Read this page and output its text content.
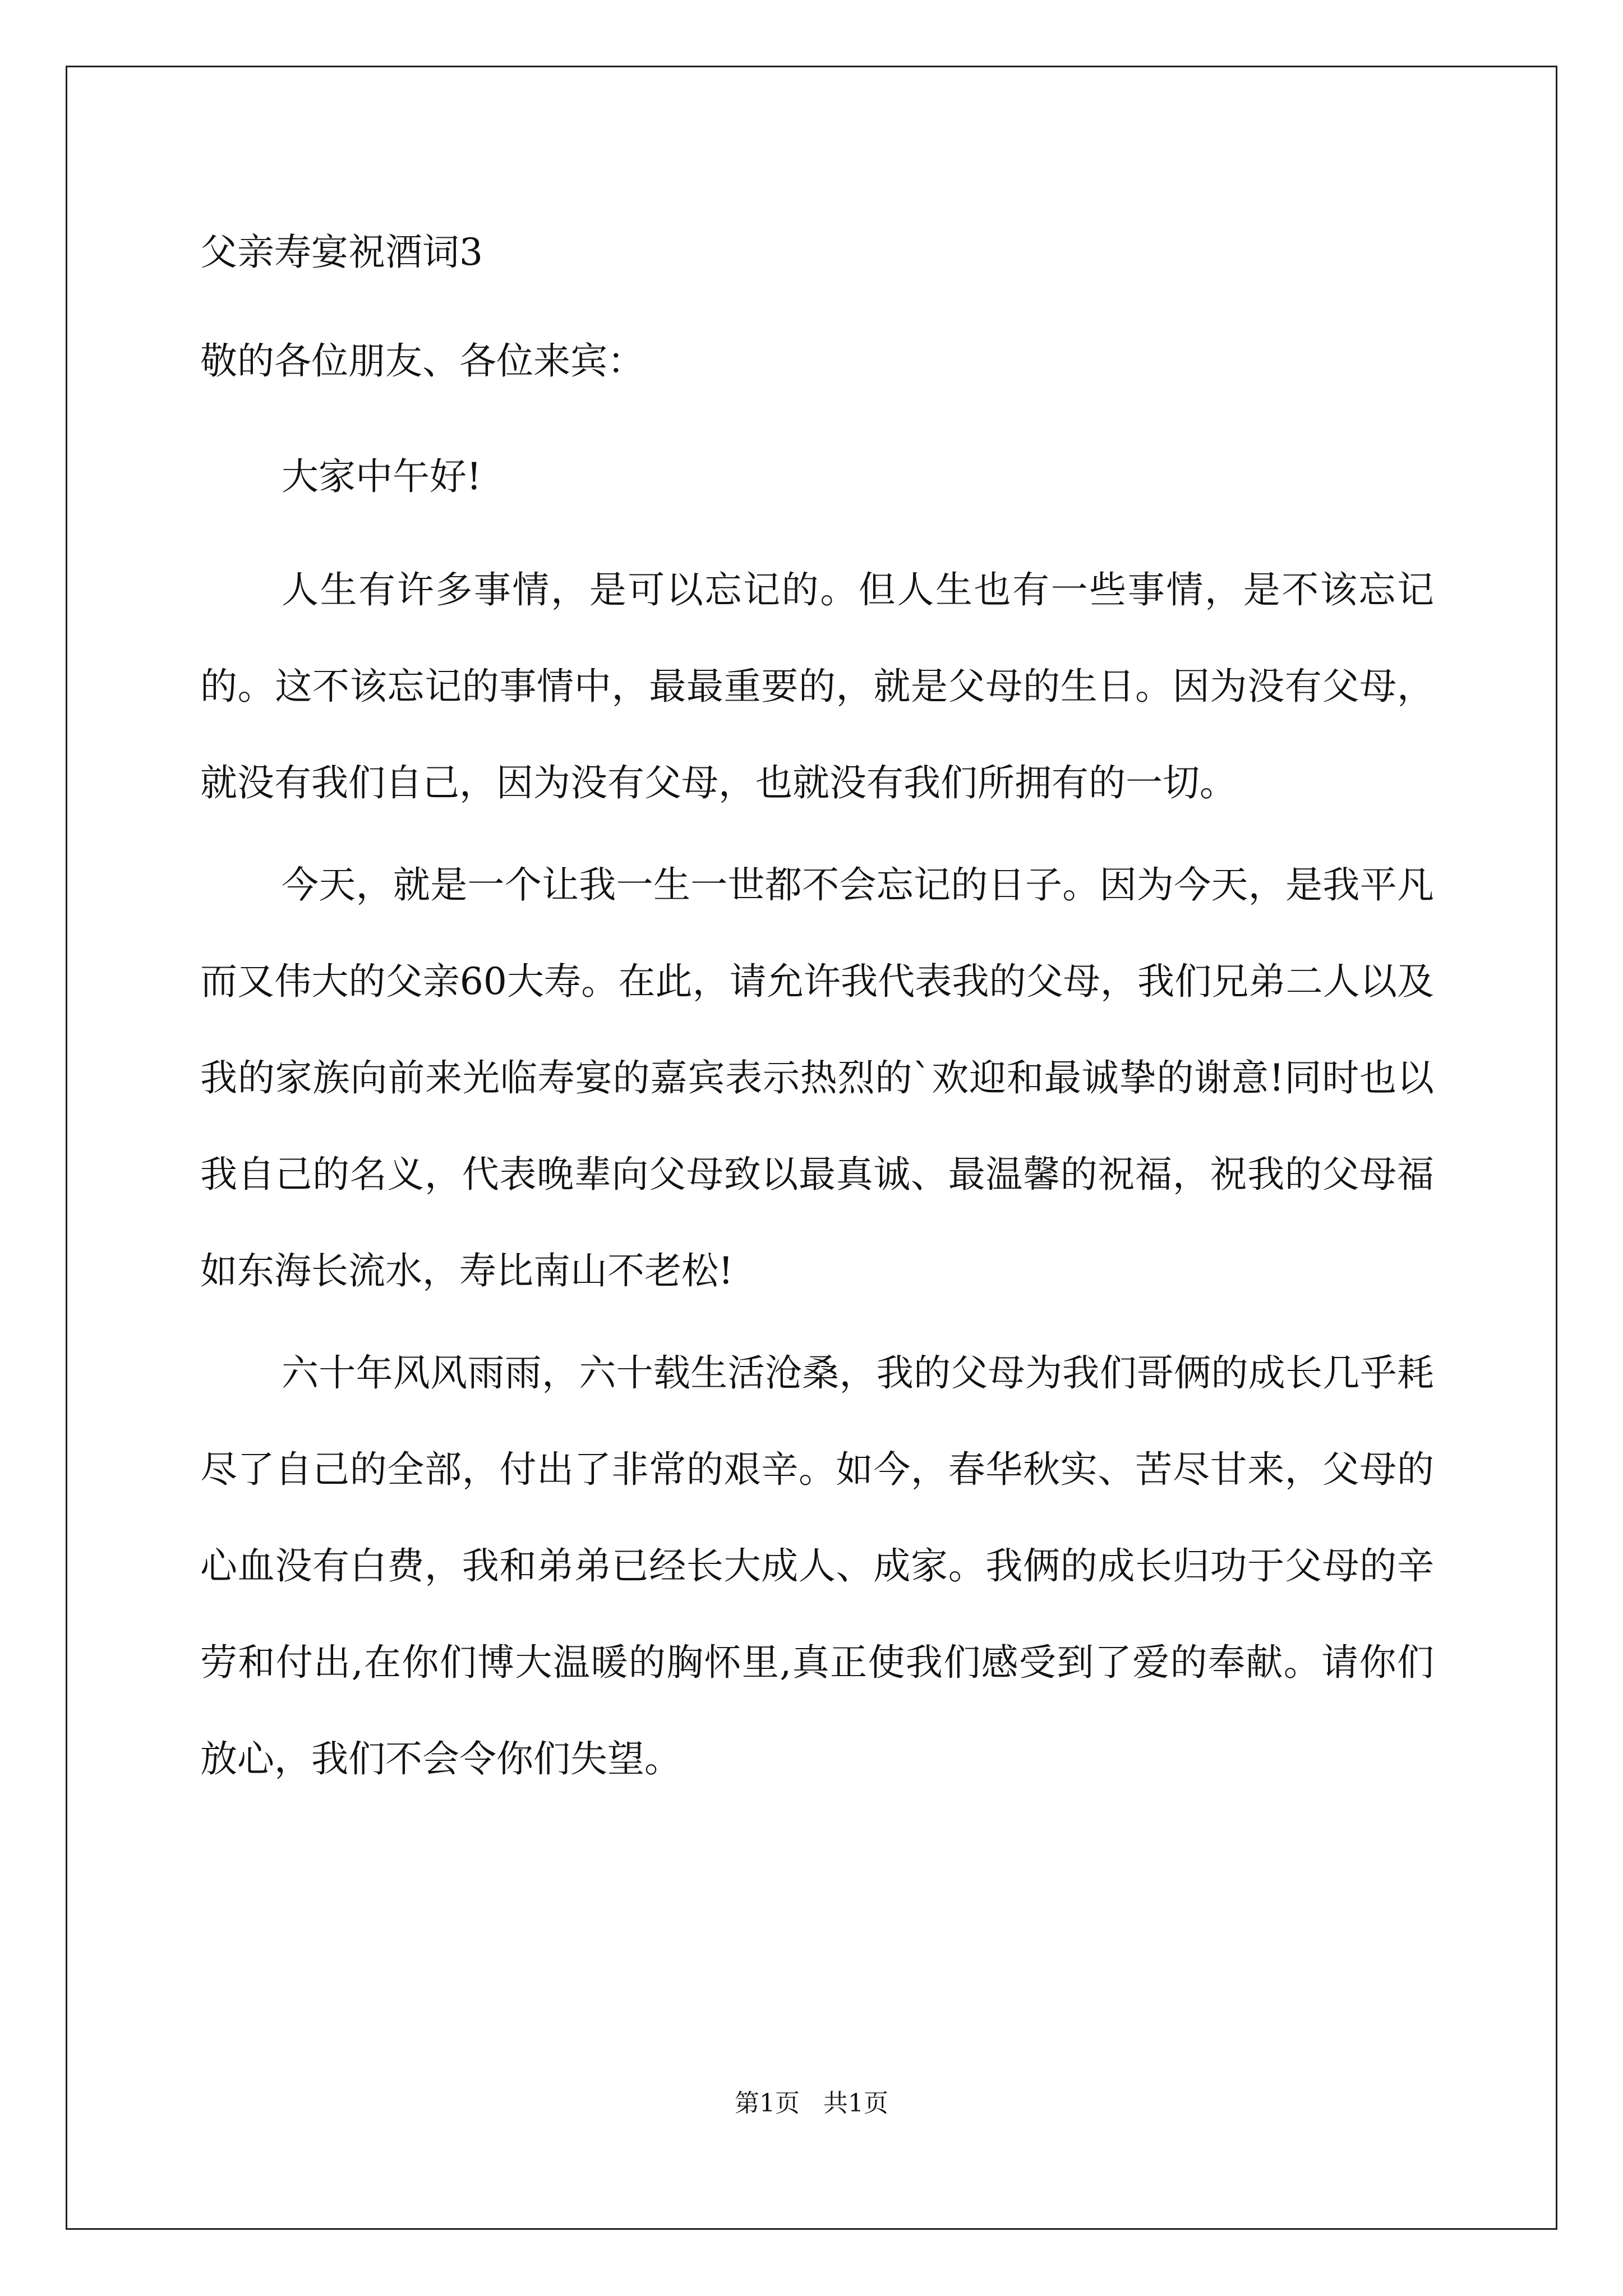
父亲寿宴祝酒词3
敬的各位朋友、各位来宾：

大家中午好!

人生有许多事情，是可以忘记的。但人生也有一些事情，是不该忘记的。这不该忘记的事情中，最最重要的，就是父母的生日。因为没有父母，就没有我们自己，因为没有父母，也就没有我们所拥有的一切。

今天，就是一个让我一生一世都不会忘记的日子。因为今天，是我平凡而又伟大的父亲60大寿。在此，请允许我代表我的父母，我们兄弟二人以及我的家族向前来光临寿宴的嘉宾表示热烈的`欢迎和最诚挚的谢意!同时也以我自己的名义，代表晚辈向父母致以最真诚、最温馨的祝福，祝我的父母福如东海长流水，寿比南山不老松!

六十年风风雨雨，六十载生活沧桑，我的父母为我们哥俩的成长几乎耗尽了自己的全部，付出了非常的艰辛。如今，春华秋实、苦尽甘来，父母的心血没有白费，我和弟弟已经长大成人、成家。我俩的成长归功于父母的辛劳和付出,在你们博大温暖的胸怀里,真正使我们感受到了爱的奉献。请你们放心，我们不会令你们失望。

第1页 共1页
